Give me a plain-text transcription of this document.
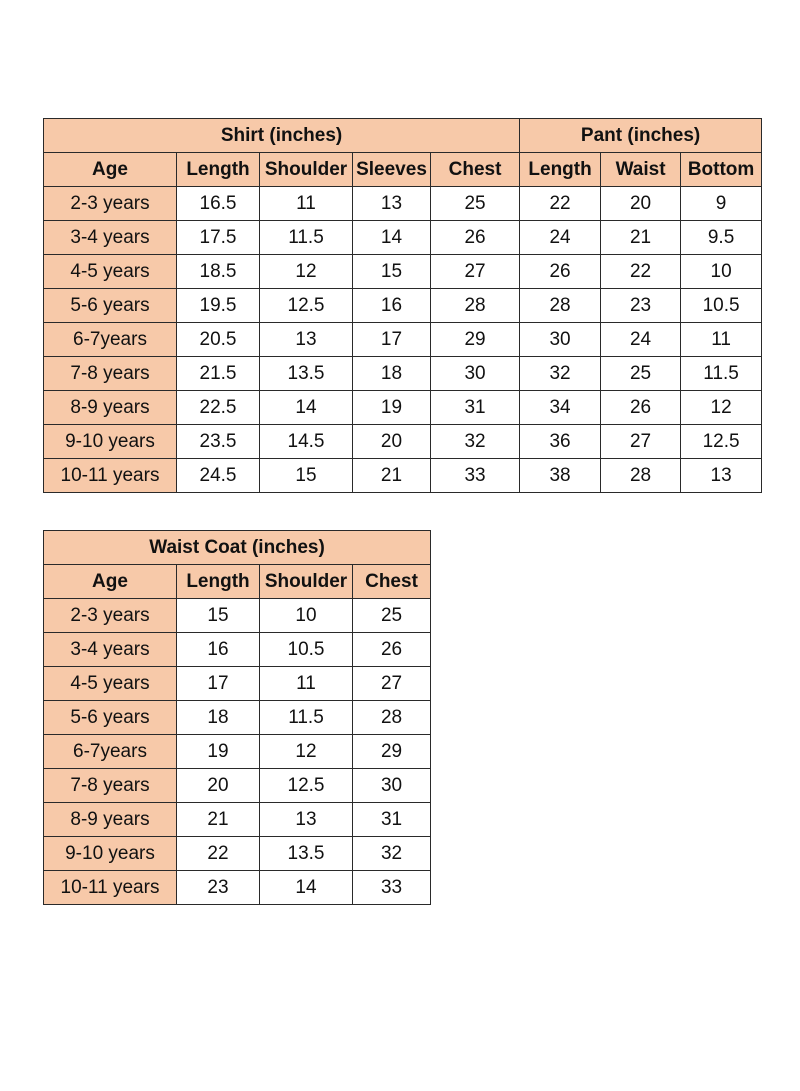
Shirt (inches)					Pant (inches)		
Age	Length	Shoulder	Sleeves	Chest	Length	Waist	Bottom
2-3 years	16.5	11	13	25	22	20	9
3-4 years	17.5	11.5	14	26	24	21	9.5
4-5 years	18.5	12	15	27	26	22	10
5-6 years	19.5	12.5	16	28	28	23	10.5
6-7years	20.5	13	17	29	30	24	11
7-8 years	21.5	13.5	18	30	32	25	11.5
8-9 years	22.5	14	19	31	34	26	12
9-10 years	23.5	14.5	20	32	36	27	12.5
10-11 years	24.5	15	21	33	38	28	13
Waist Coat (inches)			
Age	Length	Shoulder	Chest
2-3 years	15	10	25
3-4 years	16	10.5	26
4-5 years	17	11	27
5-6 years	18	11.5	28
6-7years	19	12	29
7-8 years	20	12.5	30
8-9 years	21	13	31
9-10 years	22	13.5	32
10-11 years	23	14	33
